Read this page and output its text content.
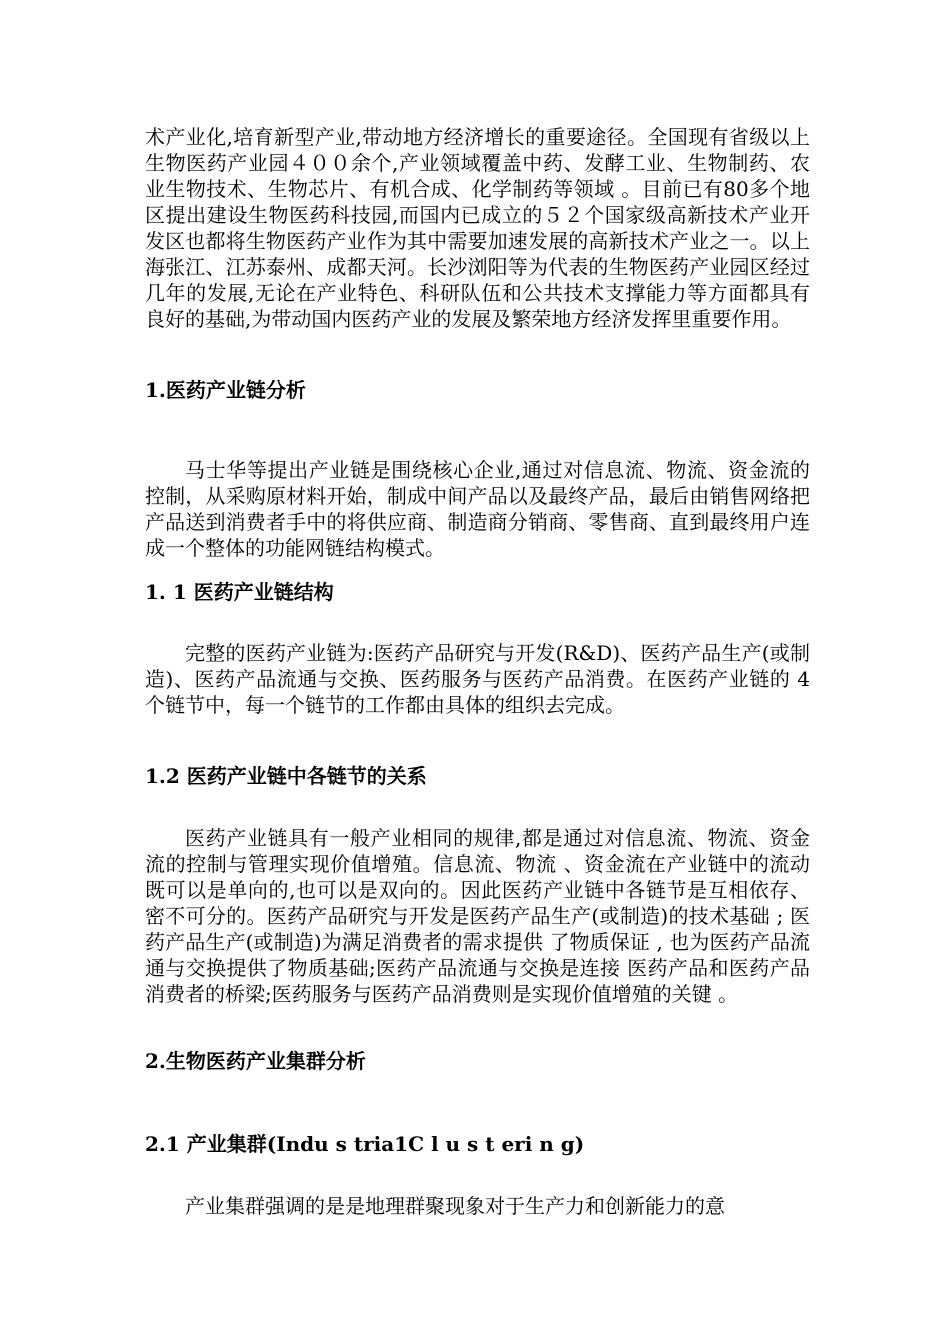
术产业化,培育新型产业,带动地方经济增长的重要途径。全国现有省级以上生物医药产业园４００余个,产业领域覆盖中药、发酵工业、生物制药、农业生物技术、生物芯片、有机合成、化学制药等领域 。目前已有80多个地区提出建设生物医药科技园,而国内已成立的５２个国家级高新技术产业开发区也都将生物医药产业作为其中需要加速发展的高新技术产业之一。以上海张江、江苏泰州、成都天河。长沙浏阳等为代表的生物医药产业园区经过几年的发展,无论在产业特色、科研队伍和公共技术支撑能力等方面都具有良好的基础,为带动国内医药产业的发展及繁荣地方经济发挥里重要作用。

1.医药产业链分析

马士华等提出产业链是围绕核心企业,通过对信息流、物流、资金流的控制，从采购原材料开始，制成中间产品以及最终产品，最后由销售网络把产品送到消费者手中的将供应商、制造商分销商、零售商、直到最终用户连成一个整体的功能网链结构模式。

1. 1 医药产业链结构

完整的医药产业链为:医药产品研究与开发(R&D)、医药产品生产(或制造)、医药产品流通与交换、医药服务与医药产品消费。在医药产业链的 4 个链节中，每一个链节的工作都由具体的组织去完成。

1.2 医药产业链中各链节的关系

医药产业链具有一般产业相同的规律,都是通过对信息流、物流、资金流的控制与管理实现价值增殖。信息流、物流 、资金流在产业链中的流动既可以是单向的,也可以是双向的。因此医药产业链中各链节是互相依存、密不可分的。医药产品研究与开发是医药产品生产(或制造)的技术基础 ; 医药产品生产(或制造)为满足消费者的需求提供 了物质保证 , 也为医药产品流通与交换提供了物质基础;医药产品流通与交换是连接 医药产品和医药产品消费者的桥梁;医药服务与医药产品消费则是实现价值增殖的关键 。

2.生物医药产业集群分析
2.1 产业集群(Indu s tria1C l u s t eri n g)

产业集群强调的是是地理群聚现象对于生产力和创新能力的意
